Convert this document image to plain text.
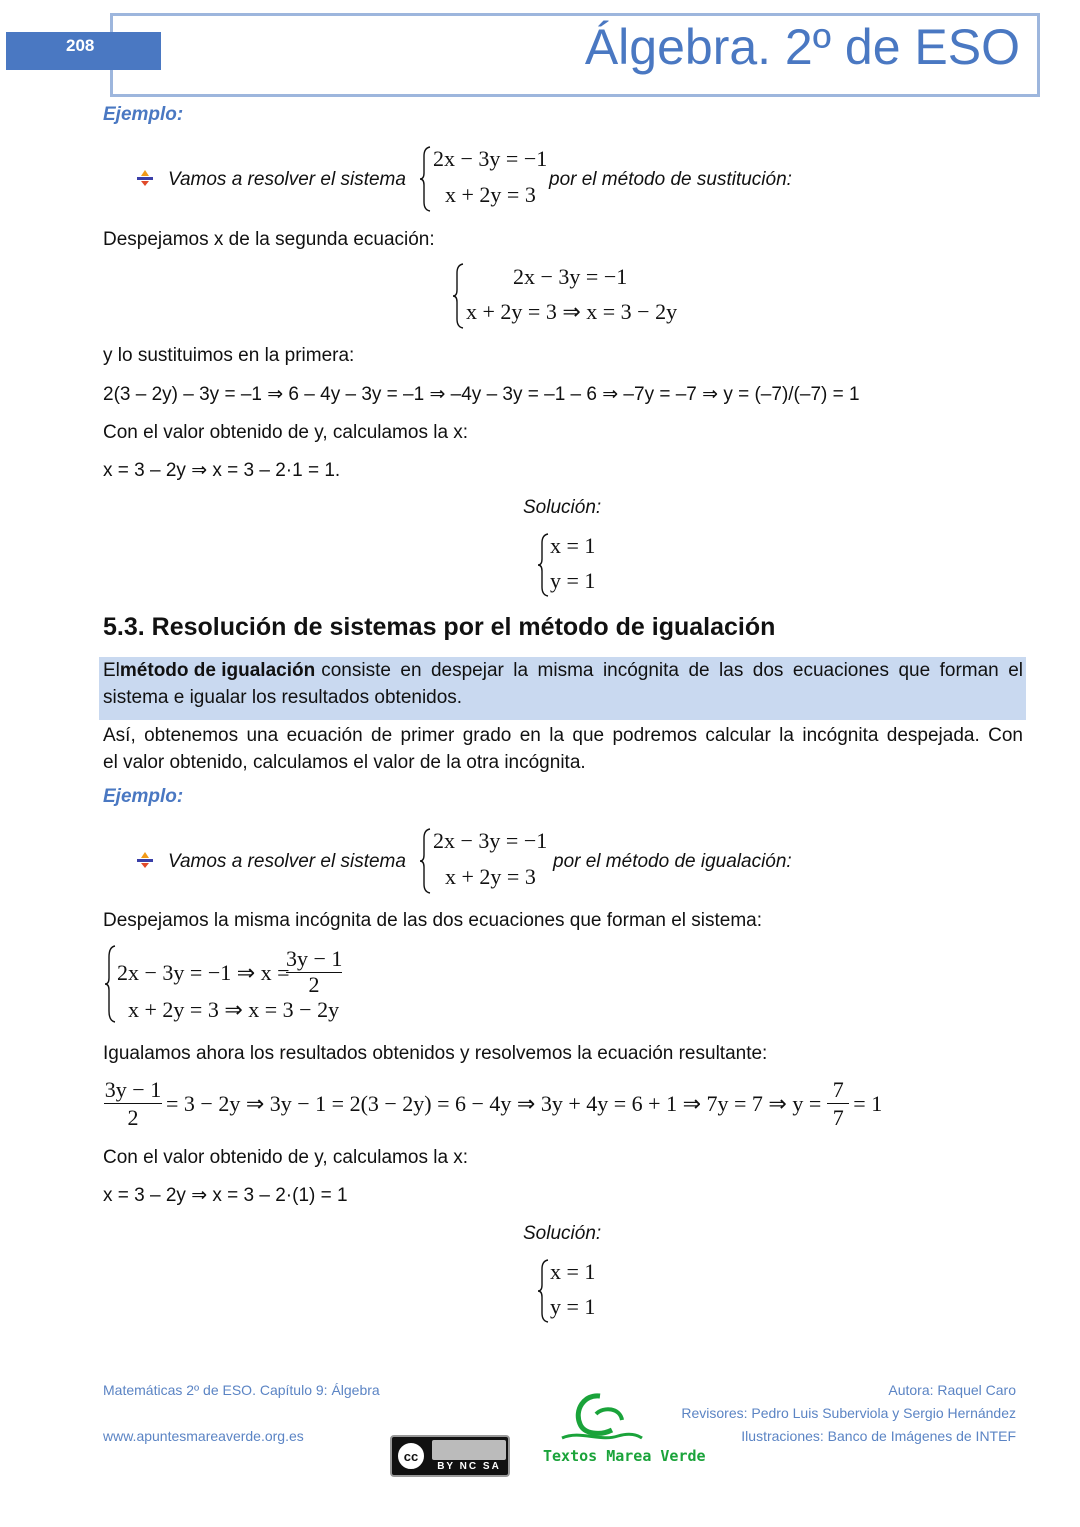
208	Álgebra. 2º de ESO
Ejemplo:
Vamos a resolver el sistema
2x − 3y = −1
x + 2y = 3
por el método de sustitución:
Despejamos x de la segunda ecuación:
2x − 3y = −1
x + 2y = 3 ⇒ x = 3 − 2y
y lo sustituimos en la primera:
2(3 – 2y) – 3y = –1 ⇒ 6 – 4y – 3y = –1 ⇒ –4y – 3y = –1 – 6 ⇒ –7y = –7 ⇒ y = (–7)/(–7) = 1
Con el valor obtenido de y, calculamos la x:
x = 3 – 2y ⇒ x = 3 – 2·1 = 1.
Solución:
x = 1
y = 1
5.3. Resolución de sistemas por el método de igualación
El método de igualación consiste en despejar la misma incógnita de las dos ecuaciones que forman el
sistema e igualar los resultados obtenidos.
Así, obtenemos una ecuación de primer grado en la que podremos calcular la incógnita despejada. Con
el valor obtenido, calculamos el valor de la otra incógnita.
Ejemplo:
Vamos a resolver el sistema
2x − 3y = −1
x + 2y = 3
por el método de igualación:
Despejamos la misma incógnita de las dos ecuaciones que forman el sistema:
2x − 3y = −1 ⇒ x =
$\frac{3y - 1}{2}$
x + 2y = 3 ⇒ x = 3 − 2y
Igualamos ahora los resultados obtenidos y resolvemos la ecuación resultante:
$\frac{3y - 1}{2} = 3 - 2y$ ⇒ 3y − 1 = 2(3 − 2y) = 6 − 4y ⇒ 3y + 4y = 6 + 1 ⇒ 7y = 7 ⇒ $y = \frac{7}{7} = 1$
Con el valor obtenido de y, calculamos la x:
x = 3 – 2y ⇒ x = 3 – 2·(1) = 1
Solución:
x = 1
y = 1
Matemáticas 2º de ESO. Capítulo 9: Álgebra
www.apuntesmareaverde.org.es
cc
BY NC SA
Textos Marea Verde
Autora: Raquel Caro
Revisores: Pedro Luis Suberviola y Sergio Hernández
Ilustraciones: Banco de Imágenes de INTEF
